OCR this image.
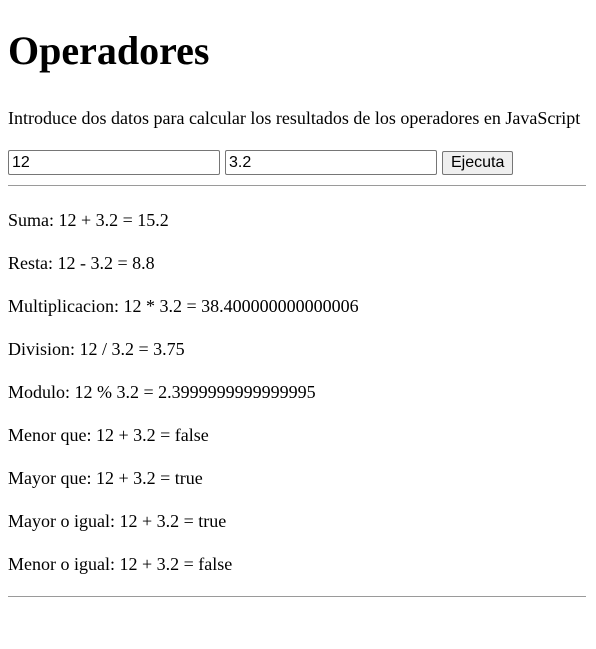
Operadores

Introduce dos datos para calcular los resultados de los operadores en JavaScript

12
3.2
Ejecuta

Suma: 12 + 3.2 = 15.2

Resta: 12 - 3.2 = 8.8

Multiplicacion: 12 * 3.2 = 38.400000000000006

Division: 12 / 3.2 = 3.75

Modulo: 12 % 3.2 = 2.3999999999999995

Menor que: 12 + 3.2 = false

Mayor que: 12 + 3.2 = true

Mayor o igual: 12 + 3.2 = true

Menor o igual: 12 + 3.2 = false
